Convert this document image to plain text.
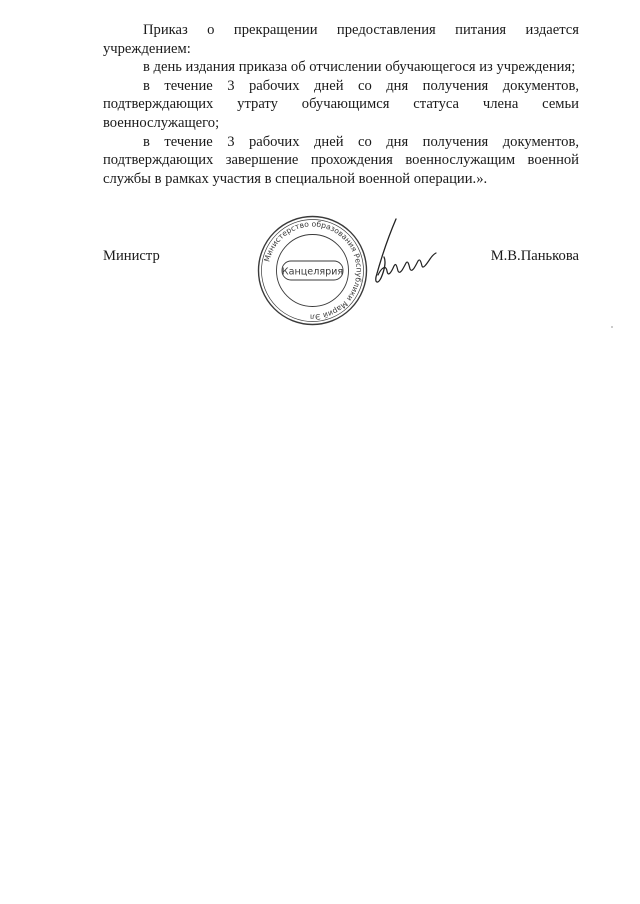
Приказ о прекращении предоставления питания издается учреждением:

в день издания приказа об отчислении обучающегося из учреждения;

в течение 3 рабочих дней со дня получения документов, подтверждающих утрату обучающимся статуса члена семьи военнослужащего;

в течение 3 рабочих дней со дня получения документов, подтверждающих завершение прохождения военнослужащим военной службы в рамках участия в специальной военной операции.».

Министерство образования Республики Марий Эл
Канцелярия
Министр	М.В.Панькова
